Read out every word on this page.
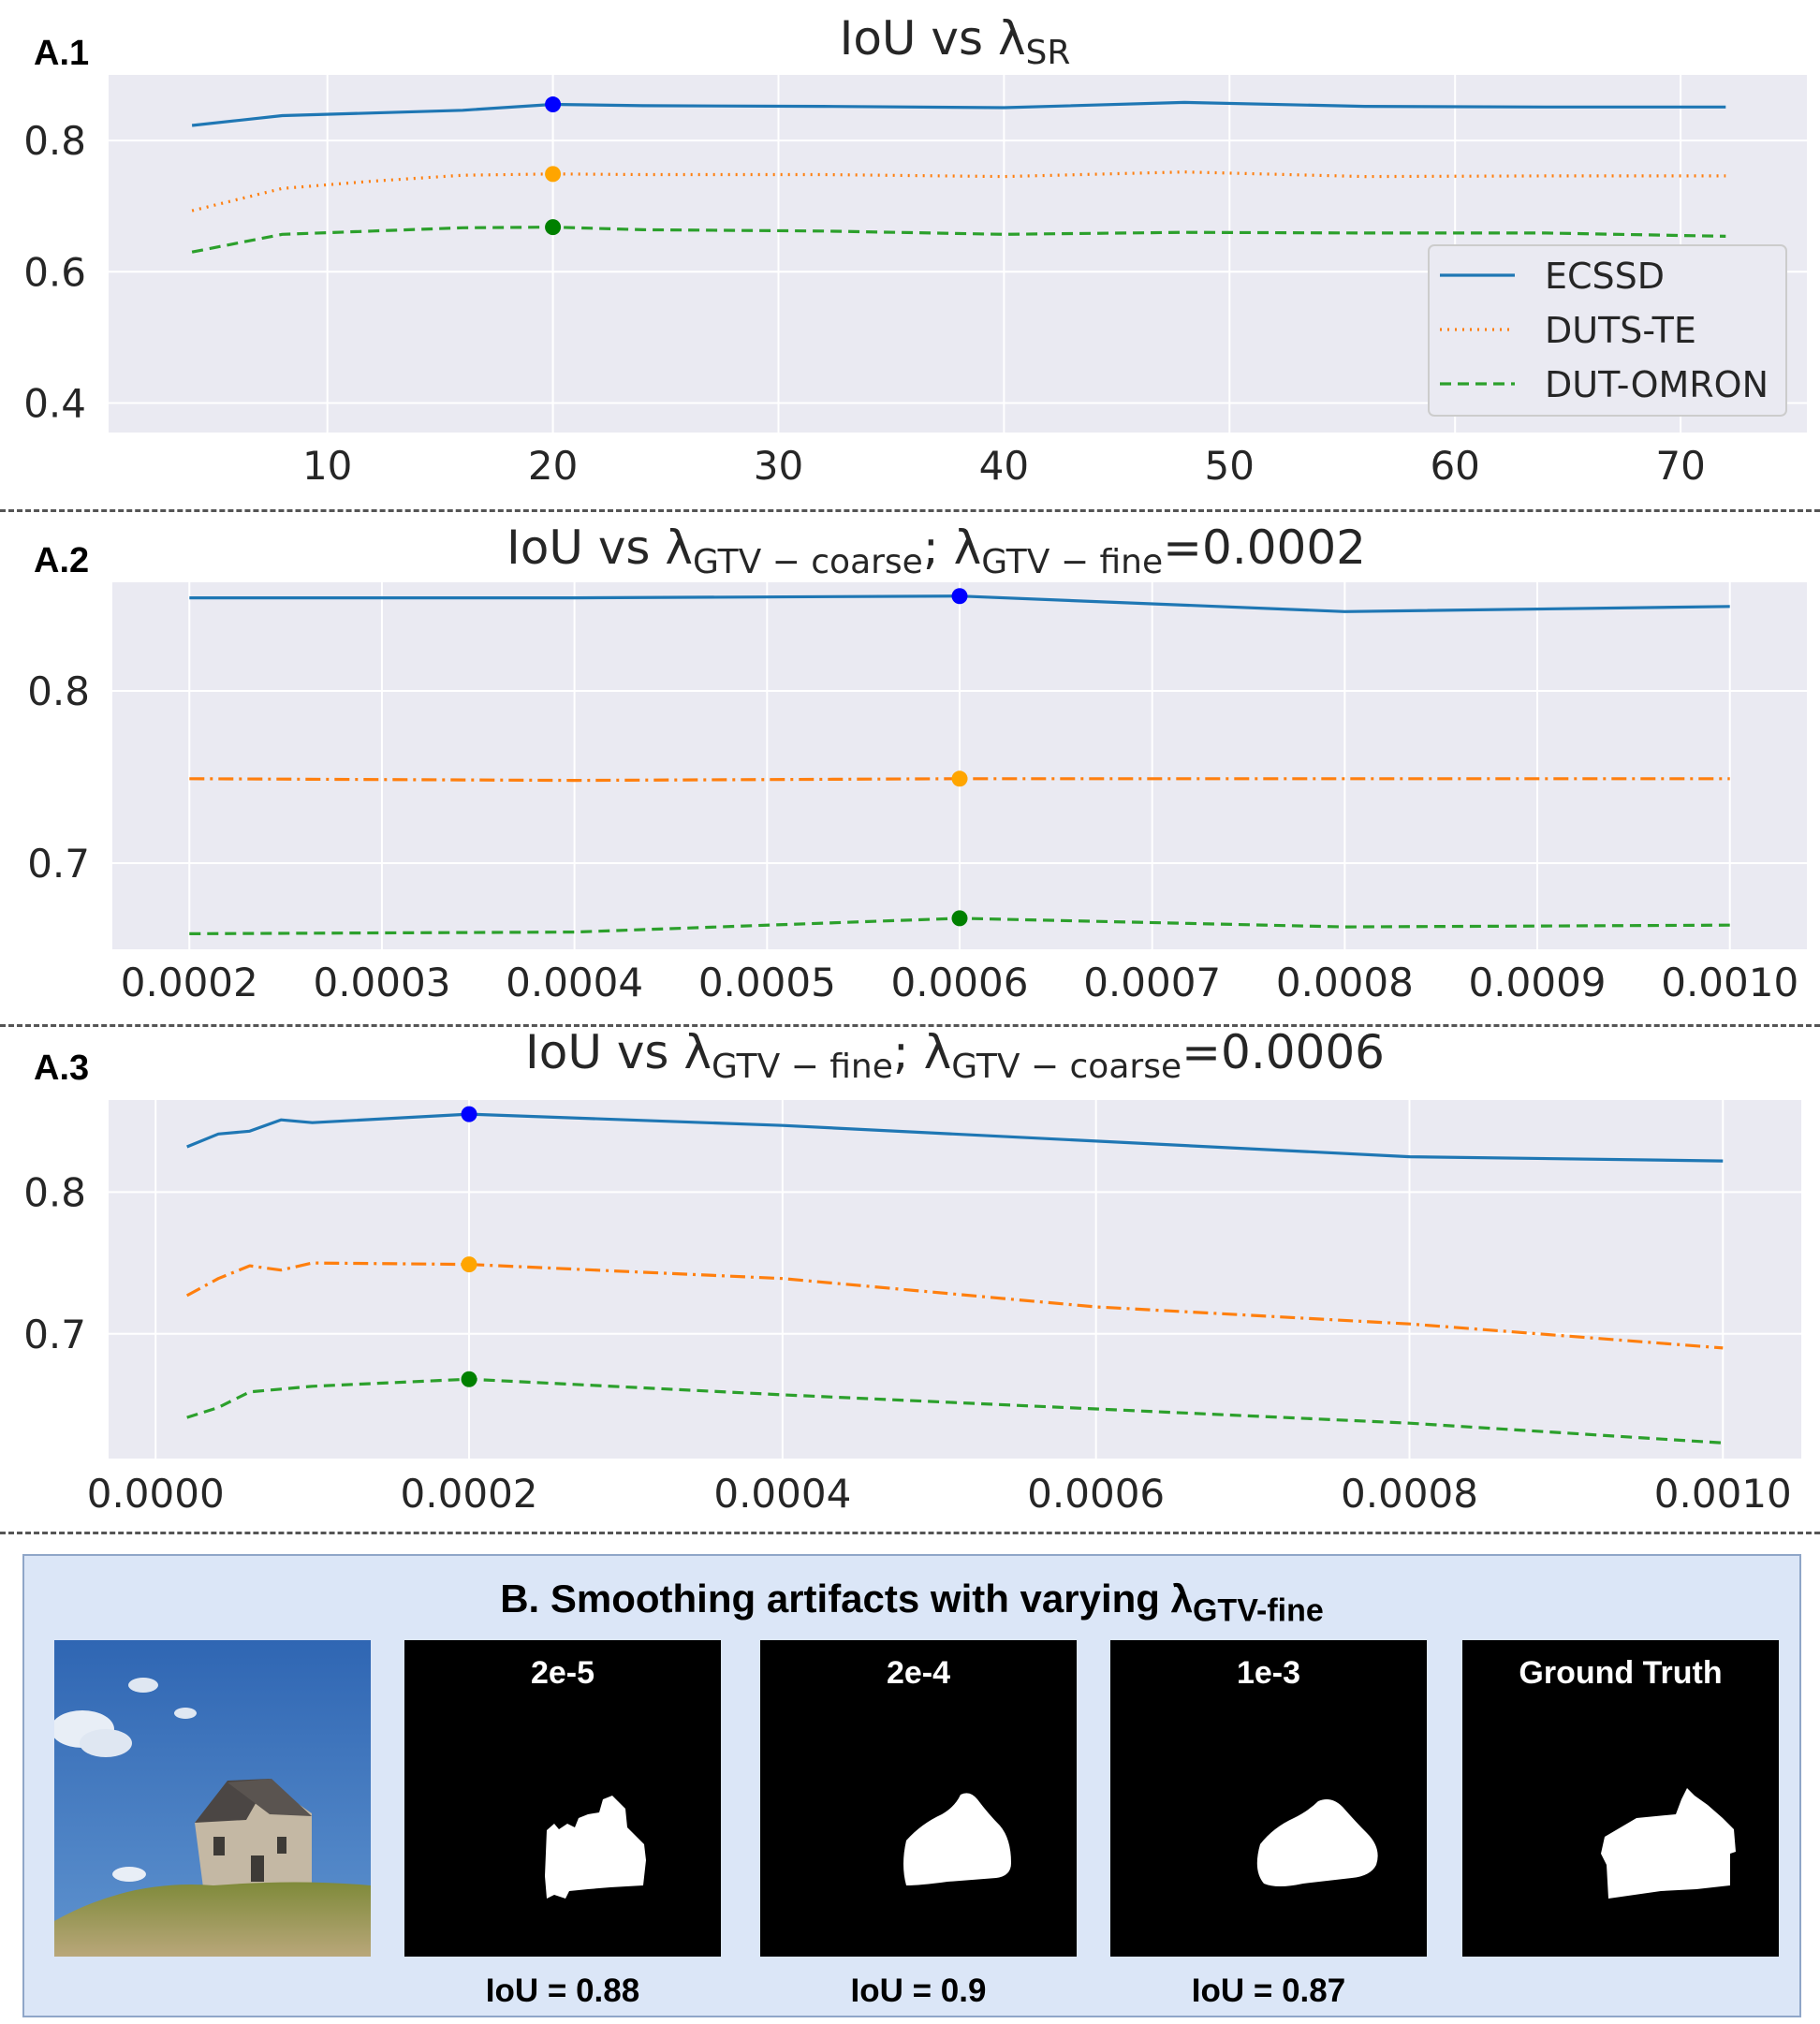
A.1
A.2
A.3
IoU vs $\lambda_{SR}$
10	20	30	40	50	60	70
0.4
0.6
0.8
ECSSD
DUTS-TE
DUT-OMRON
IoU vs $\lambda_{GTV - coarse}$; $\lambda_{GTV - fine}=0.0002$
0.0002 0.0003 0.0004 0.0005 0.0006 0.0007 0.0008 0.0009 0.0010
0.7
0.8
IoU vs $\lambda_{GTV - fine}$; $\lambda_{GTV - coarse}=0.0006$
0.0000	0.0002	0.0004	0.0006	0.0008	0.0010
0.7
0.8
B. Smoothing artifacts with varying $\lambda_{GTV-fine}$
2e-5	2e-4	1e-3	Ground Truth
IoU = 0.88	IoU = 0.9	IoU = 0.87
